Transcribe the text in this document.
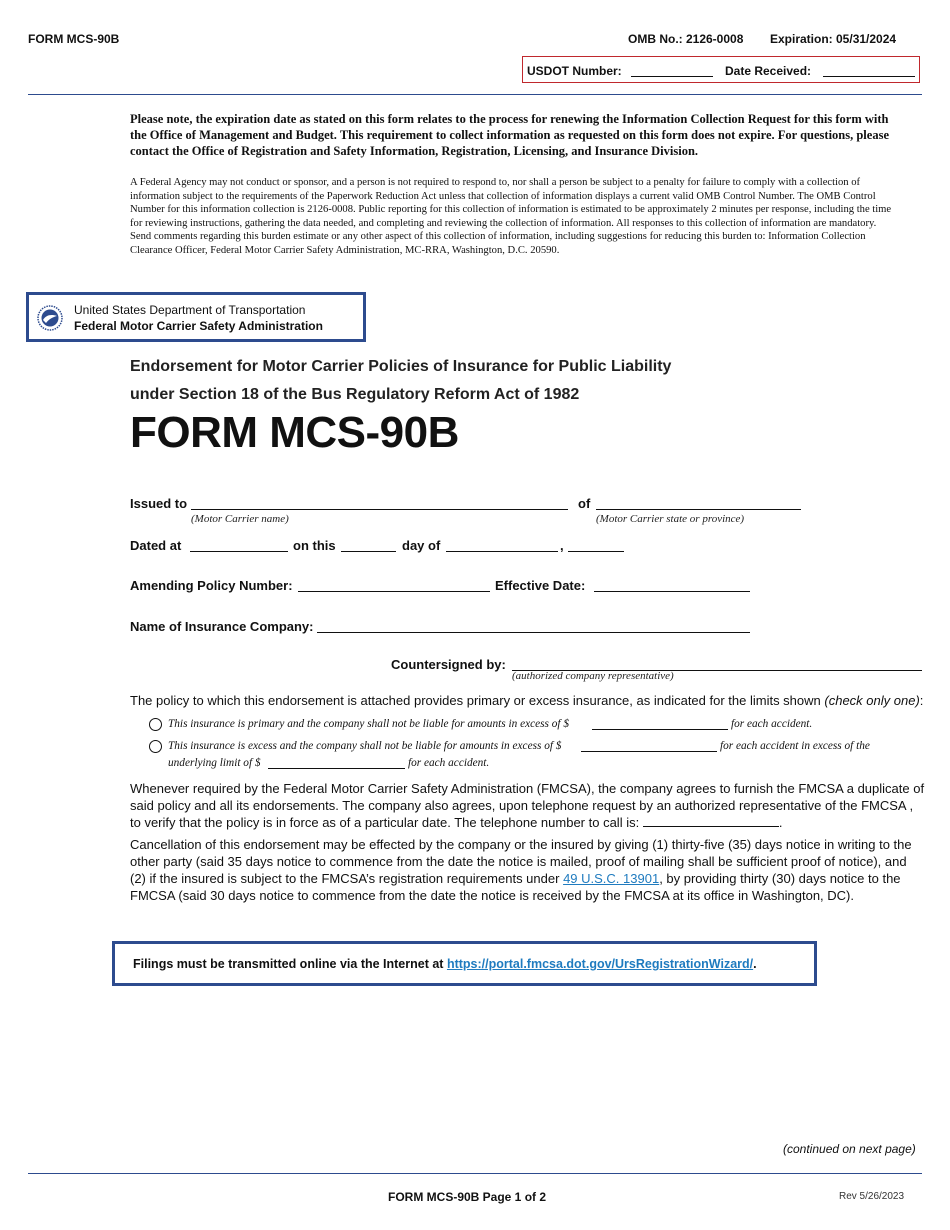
FORM MCS-90B	OMB No.: 2126-0008 Expiration: 05/31/2024
USDOT Number:	Date Received:

Please note, the expiration date as stated on this form relates to the process for renewing the Information Collection Request for this form with the Office of Management and Budget. This requirement to collect information as requested on this form does not expire. For questions, please contact the Office of Registration and Safety Information, Registration, Licensing, and Insurance Division.

A Federal Agency may not conduct or sponsor, and a person is not required to respond to, nor shall a person be subject to a penalty for failure to comply with a collection of information subject to the requirements of the Paperwork Reduction Act unless that collection of information displays a current valid OMB Control Number. The OMB Control Number for this information collection is 2126-0008. Public reporting for this collection of information is estimated to be approximately 2 minutes per response, including the time for reviewing instructions, gathering the data needed, and completing and reviewing the collection of information. All responses to this collection of information are mandatory. Send comments regarding this burden estimate or any other aspect of this collection of information, including suggestions for reducing this burden to: Information Collection Clearance Officer, Federal Motor Carrier Safety Administration, MC-RRA, Washington, D.C. 20590.

United States Department of Transportation
Federal Motor Carrier Safety Administration
Endorsement for Motor Carrier Policies of Insurance for Public Liability
under Section 18 of the Bus Regulatory Reform Act of 1982
FORM MCS-90B
Issued to
(Motor Carrier name)
of
(Motor Carrier state or province)
Dated at	on this	day of	,
Amending Policy Number:	Effective Date:
Name of Insurance Company:
Countersigned by:
(authorized company representative)

The policy to which this endorsement is attached provides primary or excess insurance, as indicated for the limits shown (check only one):

This insurance is primary and the company shall not be liable for amounts in excess of $	for each accident.
This insurance is excess and the company shall not be liable for amounts in excess of $	for each accident in excess of the
underlying limit of $	for each accident.

Whenever required by the Federal Motor Carrier Safety Administration (FMCSA), the company agrees to furnish the FMCSA a duplicate of said policy and all its endorsements. The company also agrees, upon telephone request by an authorized representative of the FMCSA , to verify that the policy is in force as of a particular date. The telephone number to call is:	.

Cancellation of this endorsement may be effected by the company or the insured by giving (1) thirty-five (35) days notice in writing to the other party (said 35 days notice to commence from the date the notice is mailed, proof of mailing shall be sufficient proof of notice), and (2) if the insured is subject to the FMCSA’s registration requirements under 49 U.S.C. 13901, by providing thirty (30) days notice to the FMCSA (said 30 days notice to commence from the date the notice is received by the FMCSA at its office in Washington, DC).

Filings must be transmitted online via the Internet at https://portal.fmcsa.dot.gov/UrsRegistrationWizard/.
(continued on next page)
FORM MCS-90B Page 1 of 2	Rev 5/26/2023
